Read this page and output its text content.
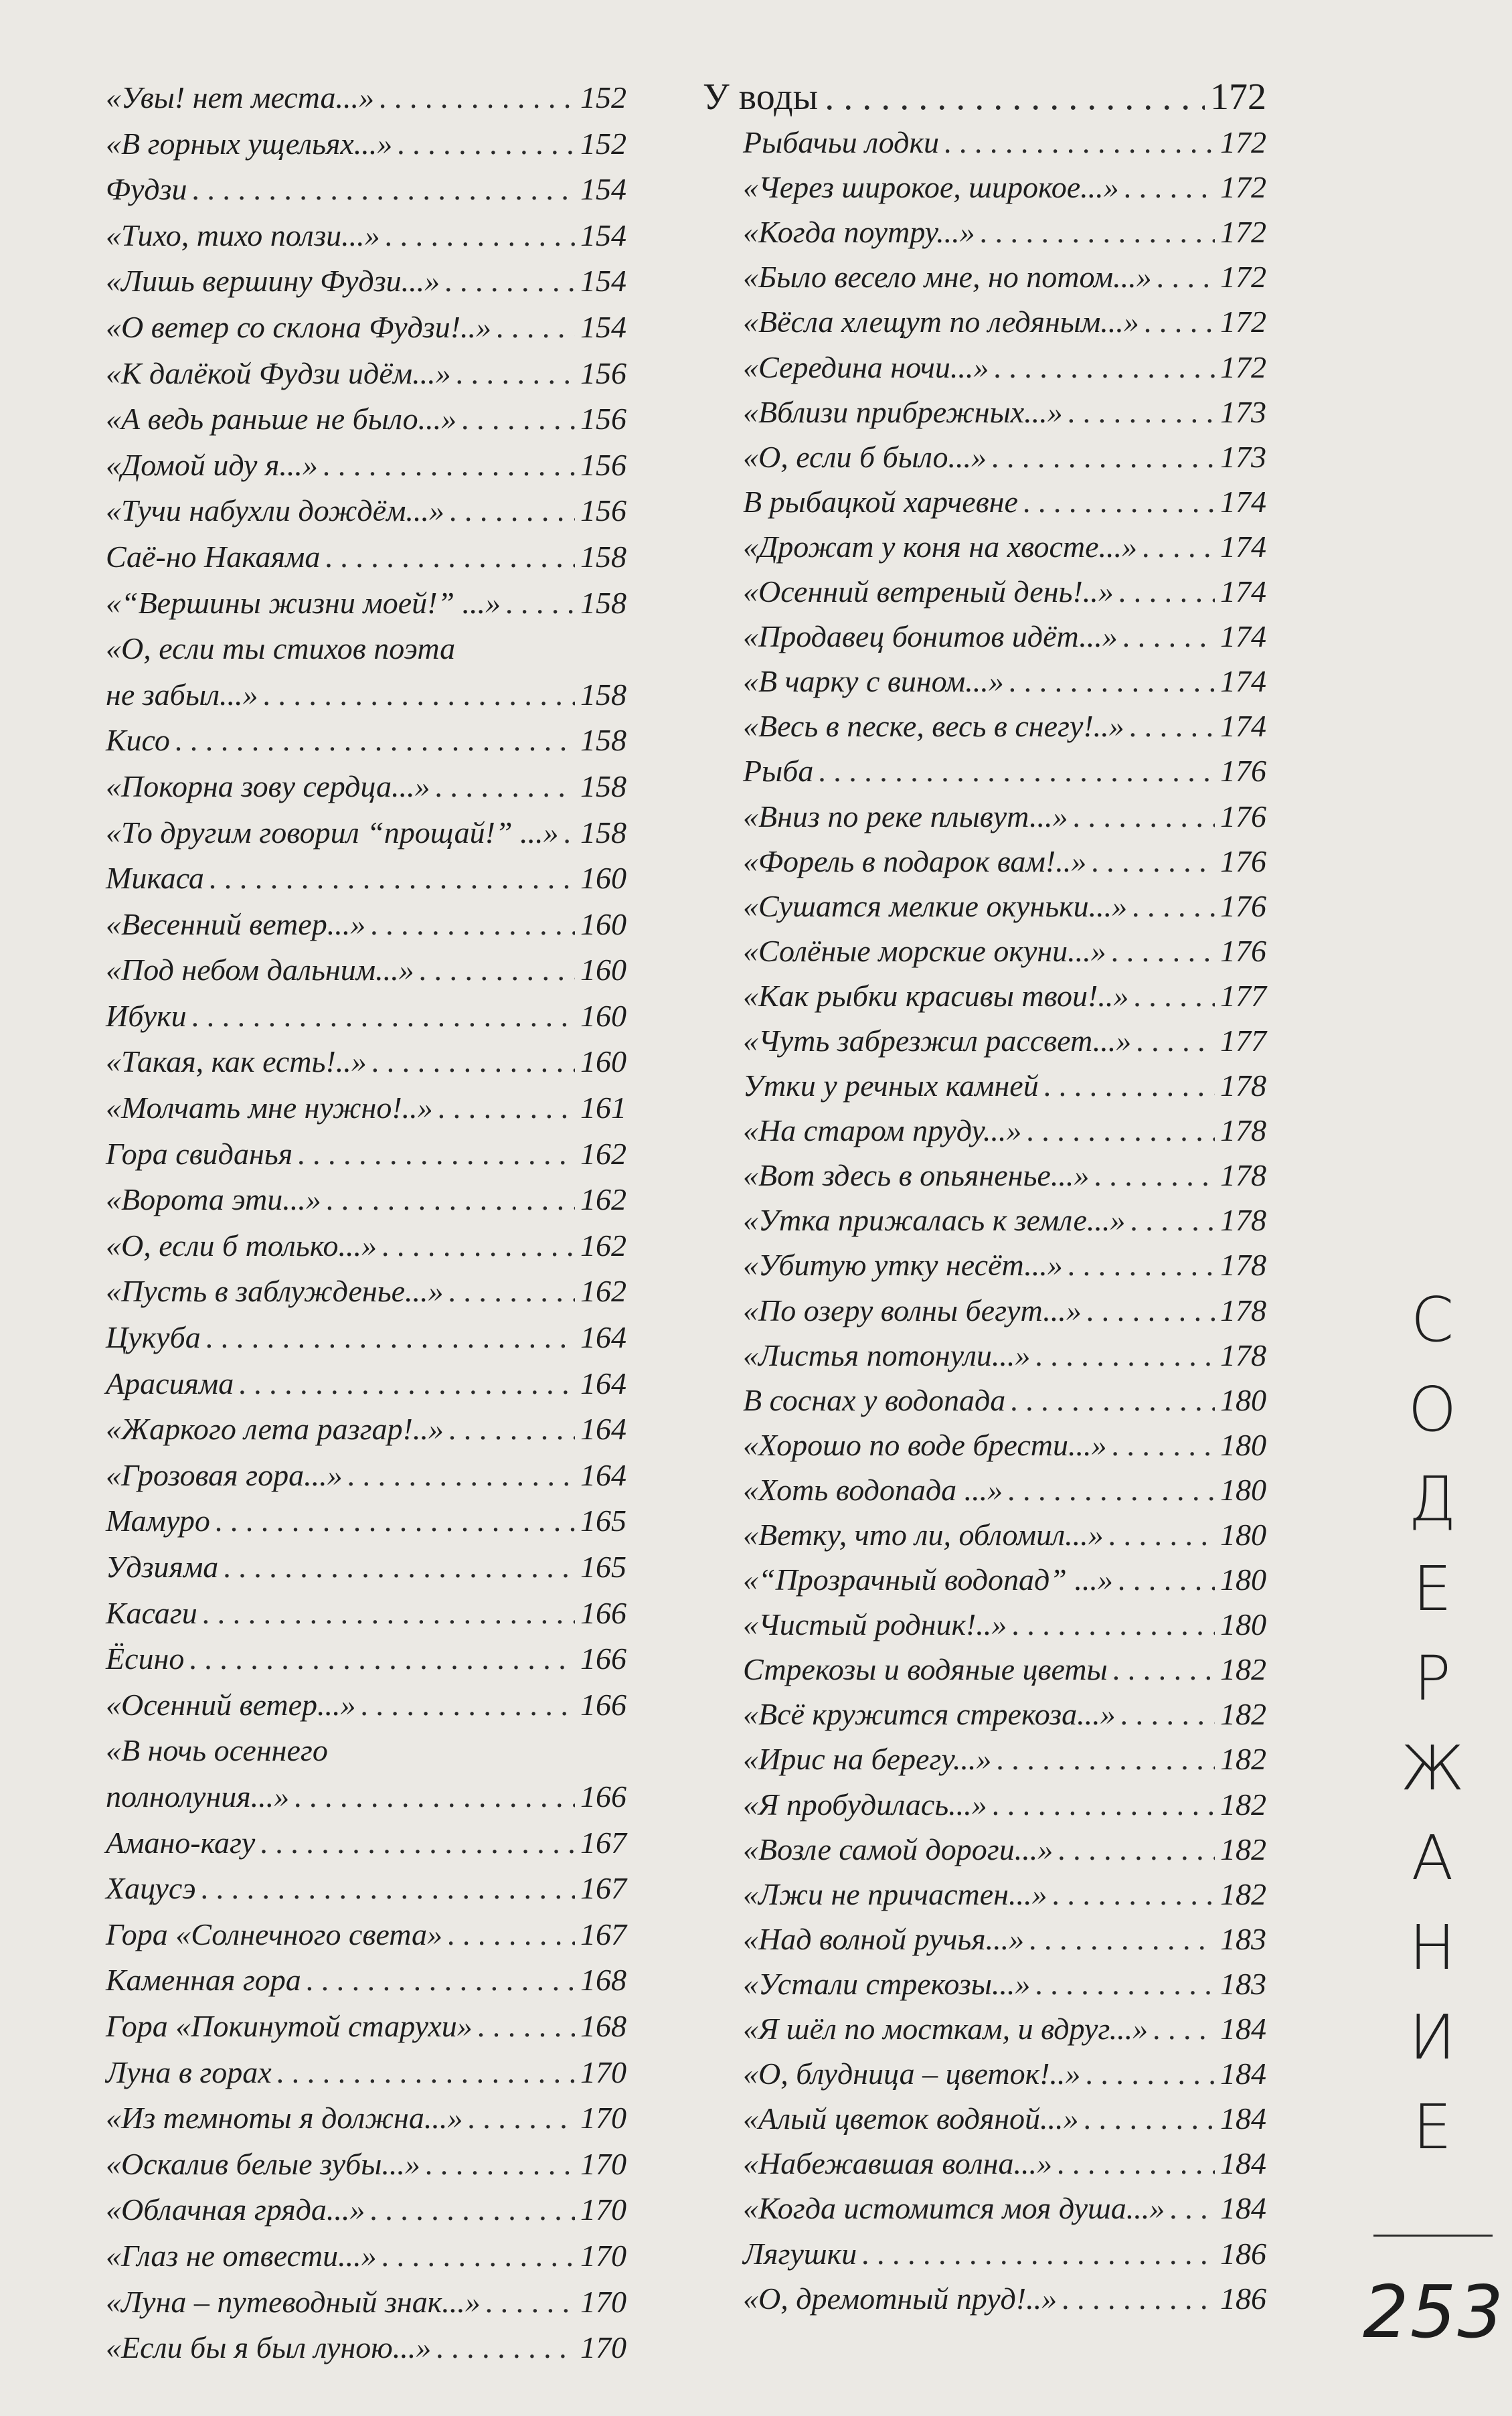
«Увы! нет места...» . . .	152
«В горных ущельях...» . . .	152
Фудзи . . .	154
«Тихо, тихо ползи...» . . .	154
«Лишь вершину Фудзи...» . . .	154
«О ветер со склона Фудзи!..» . . .	154
«К далёкой Фудзи идём...» . . .	156
«А ведь раньше не было...» . . .	156
«Домой иду я...» . . .	156
«Тучи набухли дождём...» . . .	156
Саё-но Накаяма . . .	158
«“Вершины жизни моей!” ...» . . .	158
«О, если ты стихов поэта
не забыл...» . . .	158
Кисо . . .	158
«Покорна зову сердца...» . . .	158
«То другим говорил “прощай!” ...» . . . 158
Микаса . . .	160
«Весенний ветер...» . . .	160
«Под небом дальним...» . . .	160
Ибуки . . .	160
«Такая, как есть!..» . . .	160
«Молчать мне нужно!..» . . .	161
Гора свиданья . . .	162
«Ворота эти...» . . .	162
«О, если б только...» . . .	162
«Пусть в заблужденье...» . . .	162
Цукуба . . .	164
Арасияма . . .	164
«Жаркого лета разгар!..» . . .	164
«Грозовая гора...» . . .	164
Мамуро . . .	165
Удзияма . . .	165
Касаги . . .	166
Ёсино . . .	166
«Осенний ветер...» . . .	166
«В ночь осеннего
полнолуния...» . . .	166
Амано-кагу . . .	167
Хацусэ . . .	167
Гора «Солнечного света» . . .	167
Каменная гора . . .	168
Гора «Покинутой старухи» . . .	168
Луна в горах . . .	170
«Из темноты я должна...» . . .	170
«Оскалив белые зубы...» . . .	170
«Облачная гряда...» . . .	170
«Глаз не отвести...» . . .	170
«Луна – путеводный знак...» . . .	170
«Если бы я был луною...» . . .	170
У воды . . .	172
Рыбачьи лодки . . .	172
«Через широкое, широкое...» . . .	172
«Когда поутру...» . . .	172
«Было весело мне, но потом...» . . . 172
«Вёсла хлещут по ледяным...» . . .	172
«Середина ночи...» . . .	172
«Вблизи прибрежных...» . . .	173
«О, если б было...» . . .	173
В рыбацкой харчевне . . .	174
«Дрожат у коня на хвосте...» . . .	174
«Осенний ветреный день!..» . . .	174
«Продавец бонитов идёт...» . . .	174
«В чарку с вином...» . . .	174
«Весь в песке, весь в снегу!..» . . .	174
Рыба . . .	176
«Вниз по реке плывут...» . . .	176
«Форель в подарок вам!..» . . .	176
«Сушатся мелкие окуньки...» . . .	176
«Солёные морские окуни...» . . .	176
«Как рыбки красивы твои!..» . . .	177
«Чуть забрезжил рассвет...» . . .	177
Утки у речных камней . . .	178
«На старом пруду...» . . .	178
«Вот здесь в опьяненье...» . . .	178
«Утка прижалась к земле...» . . .	178
«Убитую утку несёт...» . . .	178
«По озеру волны бегут...» . . .	178
«Листья потонули...» . . .	178
В соснах у водопада . . .	180
«Хорошо по воде брести...» . . .	180
«Хоть водопада ...» . . .	180
«Ветку, что ли, обломил...» . . .	180
«“Прозрачный водопад” ...» . . .	180
«Чистый родник!..» . . .	180
Стрекозы и водяные цветы . . .	182
«Всё кружится стрекоза...» . . .	182
«Ирис на берегу...» . . .	182
«Я пробудилась...» . . .	182
«Возле самой дороги...» . . .	182
«Лжи не причастен...» . . .	182
«Над волной ручья...» . . .	183
«Устали стрекозы...» . . .	183
«Я шёл по мосткам, и вдруг...» . . . 184
«О, блудница – цветок!..» . . .	184
«Алый цветок водяной...» . . .	184
«Набежавшая волна...» . . .	184
«Когда истомится моя душа...» . . . 184
Лягушки . . .	186
«О, дремотный пруд!..» . . .	186
С
О
Д
Е
Р
Ж
А
Н
И
Е
253
